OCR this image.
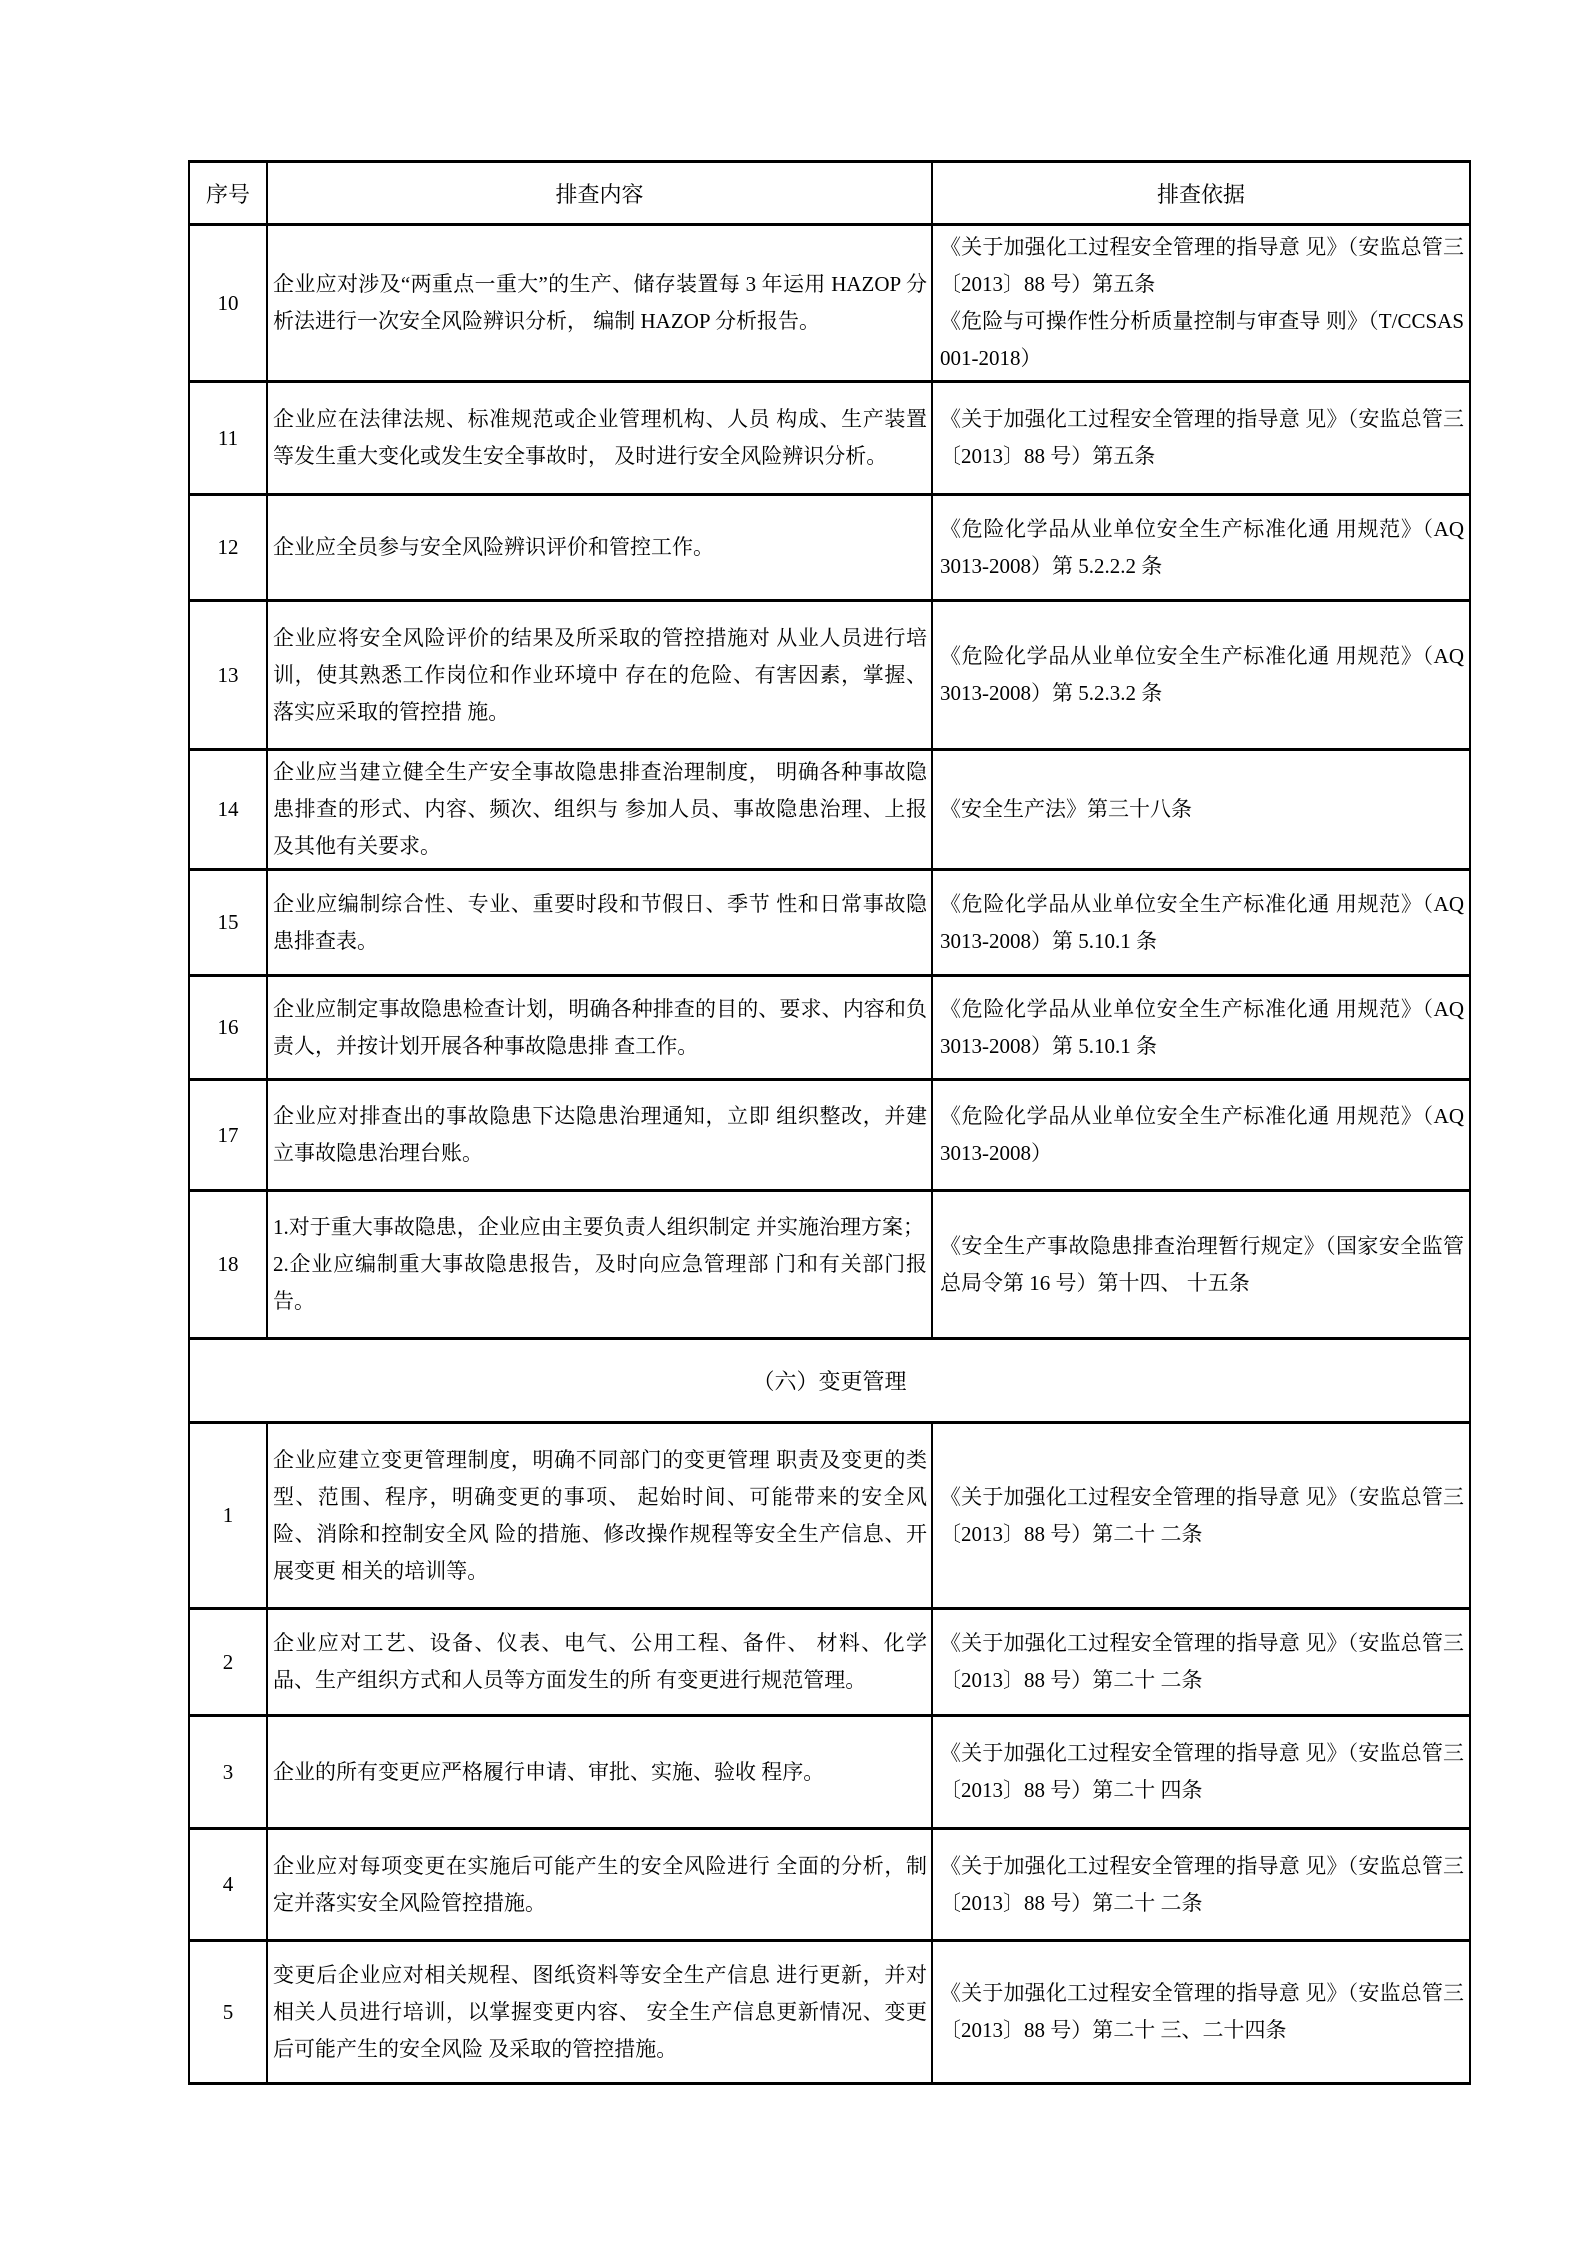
序号	排查内容	排查依据
10	企业应对涉及“两重点一重大”的生产、储存装置每 3 年运用 HAZOP 分析法进行一次安全风险辨识分析， 编制 HAZOP 分析报告。	《关于加强化工过程安全管理的指导意 见》（安监总管三〔2013〕88 号）第五条
《危险与可操作性分析质量控制与审查导 则》（T/CCSAS 001-2018）

11	企业应在法律法规、标准规范或企业管理机构、人员 构成、生产装置等发生重大变化或发生安全事故时， 及时进行安全风险辨识分析。	《关于加强化工过程安全管理的指导意 见》（安监总管三〔2013〕88 号）第五条

12	企业应全员参与安全风险辨识评价和管控工作。	《危险化学品从业单位安全生产标准化通 用规范》（AQ 3013-2008）第 5.2.2.2 条

13	企业应将安全风险评价的结果及所采取的管控措施对 从业人员进行培训，使其熟悉工作岗位和作业环境中 存在的危险、有害因素，掌握、落实应采取的管控措 施。	《危险化学品从业单位安全生产标准化通 用规范》（AQ 3013-2008）第 5.2.3.2 条

14	企业应当建立健全生产安全事故隐患排查治理制度， 明确各种事故隐患排查的形式、内容、频次、组织与 参加人员、事故隐患治理、上报及其他有关要求。	《安全生产法》第三十八条

15	企业应编制综合性、专业、重要时段和节假日、季节 性和日常事故隐患排查表。	《危险化学品从业单位安全生产标准化通 用规范》（AQ 3013-2008）第 5.10.1 条

16	企业应制定事故隐患检查计划，明确各种排查的目的、要求、内容和负责人，并按计划开展各种事故隐患排 查工作。	《危险化学品从业单位安全生产标准化通 用规范》（AQ 3013-2008）第 5.10.1 条

17	企业应对排查出的事故隐患下达隐患治理通知，立即 组织整改，并建立事故隐患治理台账。	《危险化学品从业单位安全生产标准化通 用规范》（AQ 3013-2008）

18	1.对于重大事故隐患，企业应由主要负责人组织制定 并实施治理方案；
2.企业应编制重大事故隐患报告，及时向应急管理部 门和有关部门报告。	《安全生产事故隐患排查治理暂行规定》（国家安全监管总局令第 16 号）第十四、 十五条

（六）变更管理		
1	企业应建立变更管理制度，明确不同部门的变更管理 职责及变更的类型、范围、程序，明确变更的事项、 起始时间、可能带来的安全风险、消除和控制安全风 险的措施、修改操作规程等安全生产信息、开展变更 相关的培训等。	《关于加强化工过程安全管理的指导意 见》（安监总管三〔2013〕88 号）第二十 二条

2	企业应对工艺、设备、仪表、电气、公用工程、备件、 材料、化学品、生产组织方式和人员等方面发生的所 有变更进行规范管理。	《关于加强化工过程安全管理的指导意 见》（安监总管三〔2013〕88 号）第二十 二条

3	企业的所有变更应严格履行申请、审批、实施、验收 程序。	《关于加强化工过程安全管理的指导意 见》（安监总管三〔2013〕88 号）第二十 四条

4	企业应对每项变更在实施后可能产生的安全风险进行 全面的分析，制定并落实安全风险管控措施。	《关于加强化工过程安全管理的指导意 见》（安监总管三〔2013〕88 号）第二十 二条

5	变更后企业应对相关规程、图纸资料等安全生产信息 进行更新，并对相关人员进行培训，以掌握变更内容、 安全生产信息更新情况、变更后可能产生的安全风险 及采取的管控措施。	《关于加强化工过程安全管理的指导意 见》（安监总管三〔2013〕88 号）第二十 三、二十四条
